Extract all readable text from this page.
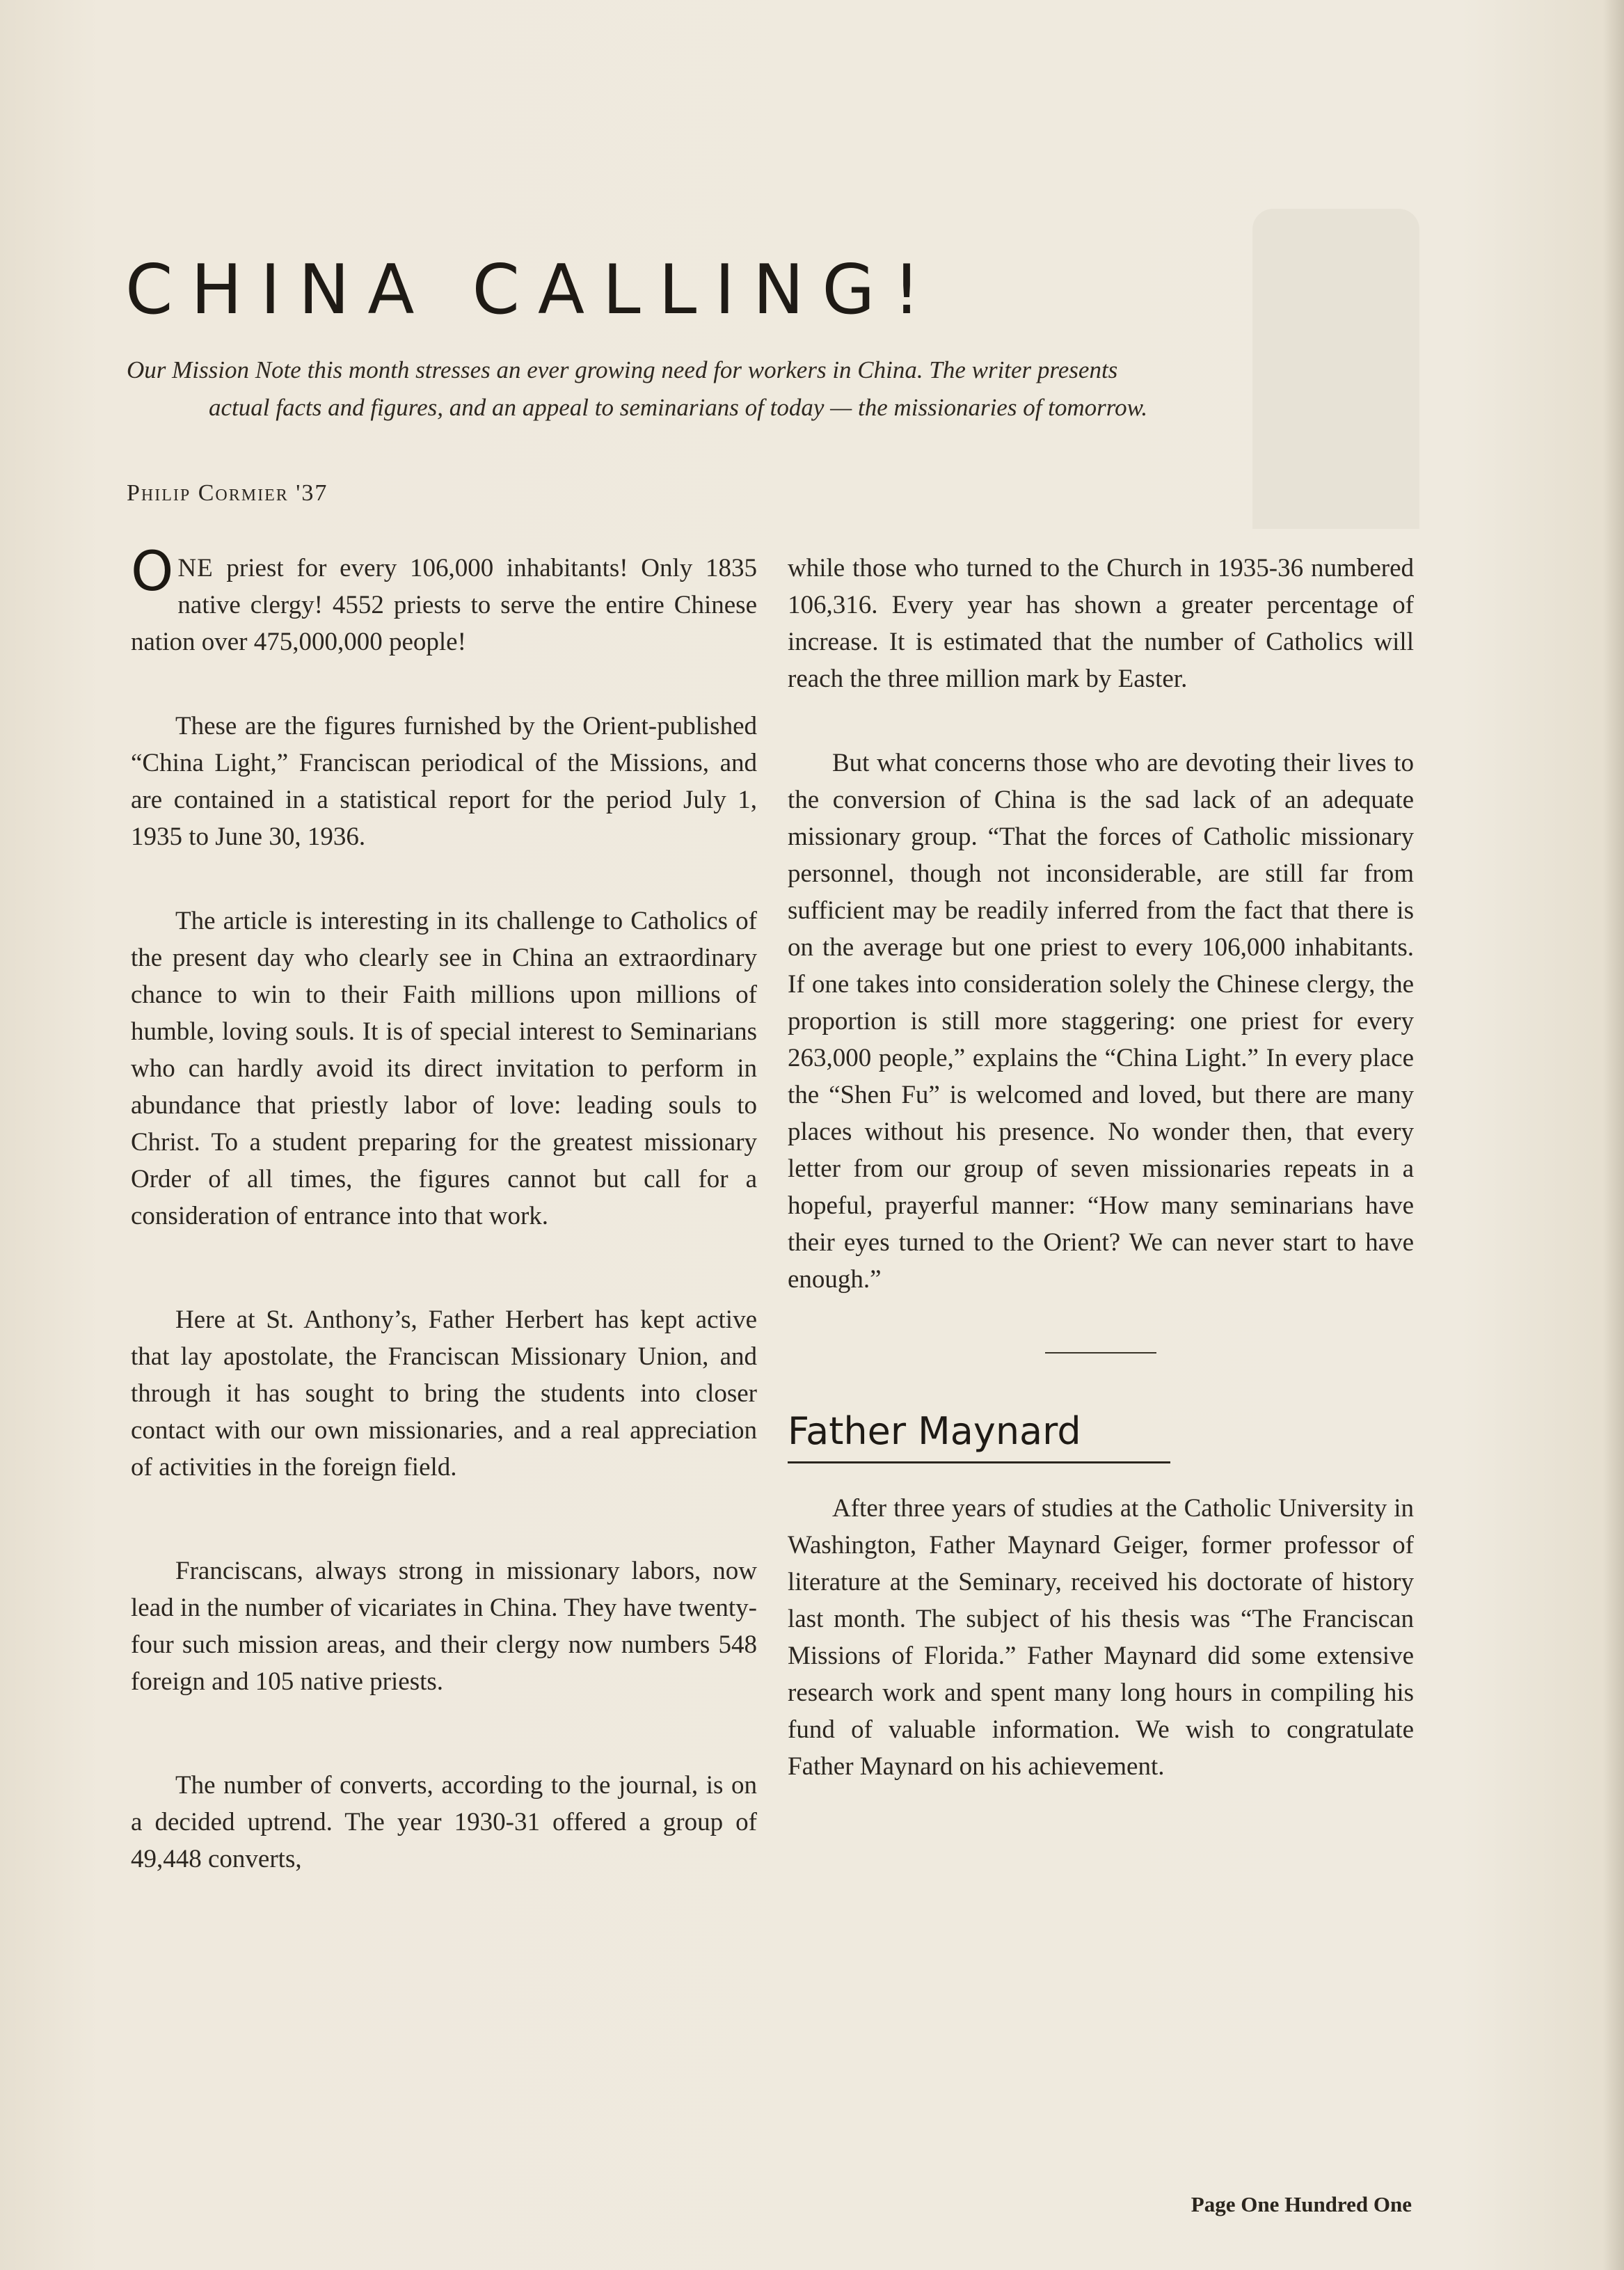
CHINA CALLING!

Our Mission Note this month stresses an ever growing need for workers in China. The writer presents actual facts and figures, and an appeal to seminarians of today — the missionaries of tomorrow.

Philip Cormier '37

ONE priest for every 106,000 inhabitants! Only 1835 native clergy! 4552 priests to serve the entire Chinese nation over 475,000,000 people!

These are the figures furnished by the Orient-published “China Light,” Franciscan periodical of the Missions, and are contained in a statistical report for the period July 1, 1935 to June 30, 1936.

The article is interesting in its challenge to Catholics of the present day who clearly see in China an extraordinary chance to win to their Faith millions upon millions of humble, loving souls. It is of special interest to Seminarians who can hardly avoid its direct invitation to perform in abundance that priestly labor of love: leading souls to Christ. To a student preparing for the greatest missionary Order of all times, the figures cannot but call for a consideration of entrance into that work.

Here at St. Anthony’s, Father Herbert has kept active that lay apostolate, the Franciscan Missionary Union, and through it has sought to bring the students into closer contact with our own missionaries, and a real appreciation of activities in the foreign field.

Franciscans, always strong in missionary labors, now lead in the number of vicariates in China. They have twenty-four such mission areas, and their clergy now numbers 548 foreign and 105 native priests.

The number of converts, according to the journal, is on a decided uptrend. The year 1930-31 offered a group of 49,448 converts,

while those who turned to the Church in 1935-36 numbered 106,316. Every year has shown a greater percentage of increase. It is estimated that the number of Catholics will reach the three million mark by Easter.

But what concerns those who are devoting their lives to the conversion of China is the sad lack of an adequate missionary group. “That the forces of Catholic missionary personnel, though not inconsiderable, are still far from sufficient may be readily inferred from the fact that there is on the average but one priest to every 106,000 inhabitants. If one takes into consideration solely the Chinese clergy, the proportion is still more staggering: one priest for every 263,000 people,” explains the “China Light.” In every place the “Shen Fu” is welcomed and loved, but there are many places without his presence. No wonder then, that every letter from our group of seven missionaries repeats in a hopeful, prayerful manner: “How many seminarians have their eyes turned to the Orient? We can never start to have enough.”

Father Maynard

After three years of studies at the Catholic University in Washington, Father Maynard Geiger, former professor of literature at the Seminary, received his doctorate of history last month. The subject of his thesis was “The Franciscan Missions of Florida.” Father Maynard did some extensive research work and spent many long hours in compiling his fund of valuable information. We wish to congratulate Father Maynard on his achievement.

Page One Hundred One
